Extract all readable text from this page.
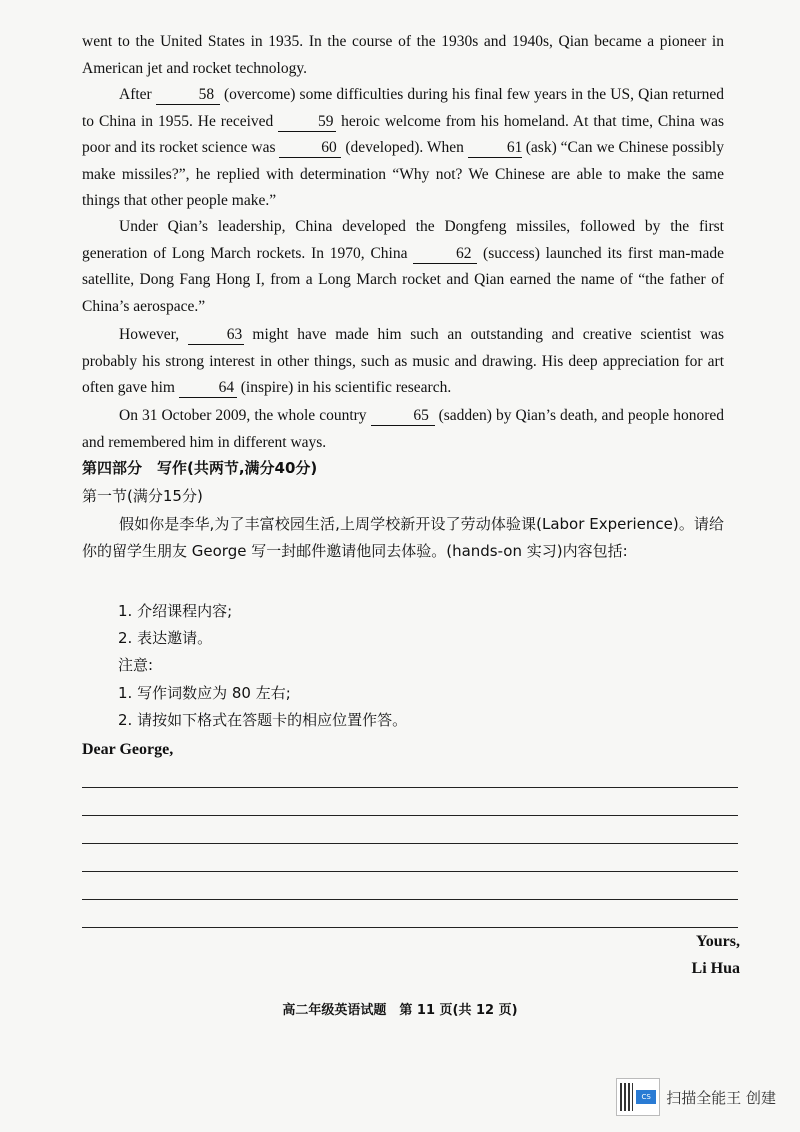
went to the United States in 1935. In the course of the 1930s and 1940s, Qian became a pioneer in American jet and rocket technology.

After	58 (overcome) some difficulties during his final few years in the US, Qian returned to China in 1955. He received	59 heroic welcome from his homeland. At that time, China was poor and its rocket science was	60 (developed). When	61 (ask) “Can we Chinese possibly make missiles?”, he replied with determination “Why not? We Chinese are able to make the same things that other people make.”

Under Qian’s leadership, China developed the Dongfeng missiles, followed by the first generation of Long March rockets. In 1970, China	62 (success) launched its first man-made satellite, Dong Fang Hong I, from a Long March rocket and Qian earned the name of “the father of China’s aerospace.”

However,	63 might have made him such an outstanding and creative scientist was probably his strong interest in other things, such as music and drawing. His deep appreciation for art often gave him	64 (inspire) in his scientific research.

On 31 October 2009, the whole country	65 (sadden) by Qian’s death, and people honored and remembered him in different ways.

第四部分　写作(共两节,满分40分)

第一节(满分15分)

假如你是李华,为了丰富校园生活,上周学校新开设了劳动体验课(Labor Experience)。请给你的留学生朋友 George 写一封邮件邀请他同去体验。(hands-on 实习)内容包括:

1. 介绍课程内容;

2. 表达邀请。

注意:

1. 写作词数应为 80 左右;

2. 请按如下格式在答题卡的相应位置作答。

Dear George,

Yours,

Li Hua

高二年级英语试题　第 11 页(共 12 页)
CS	扫描全能王 创建
